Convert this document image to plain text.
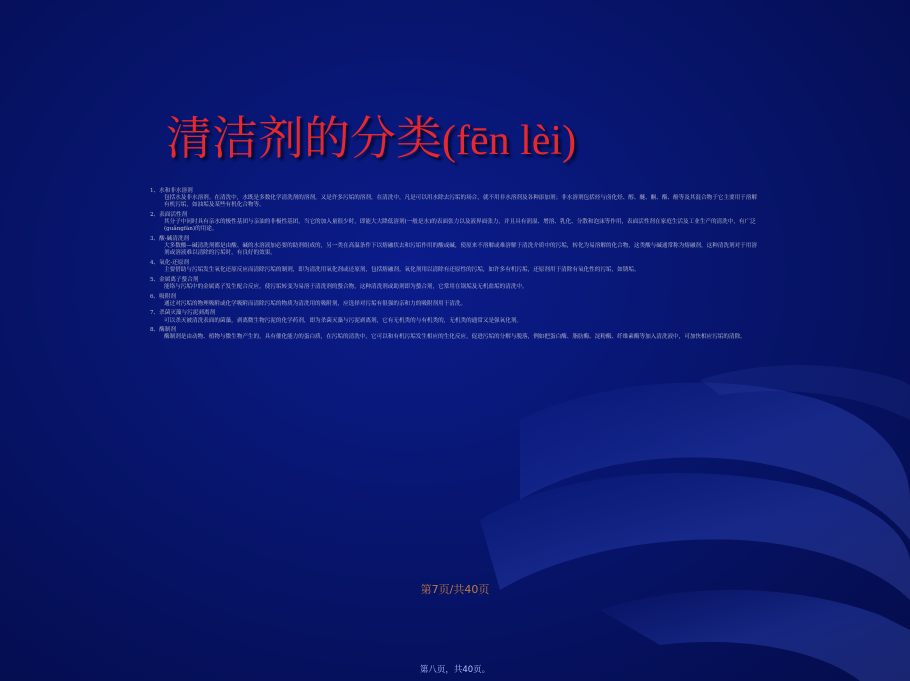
清洁剂的分类(fēn lèi)

1、水和非水溶剂

包括水及非水溶剂。在清洗中，水既是多数化学清洗剂的溶剂，又是许多污垢的溶剂，在清洗中，凡是可以用水除去污垢的场合，就不用非水溶剂及各种添加剂；非水溶剂包括烃与卤化烃、醇、醚、酮、酯、酚等及其混合物于它主要用于溶解有机污垢，如油垢及某些有机化合物等。

2、表面活性剂

其分子中同时具有亲水的极性基团与亲油的非极性基团，当它的加入量很少时，即能大大降低溶剂(一般是水)的表面张力以及液界面张力，并且具有润湿、增溶、乳化、分散和泡沫等作用，表面活性剂在家庭生活及工业生产的清洗中，有广泛(guǎngfàn)的用途。

3、酸-碱清洗剂

大多数酸—碱清洗剂都是由酸、碱的水溶液加必要的助剂组成的，另一类在高温条件下以熔融状去和污垢作用的酸或碱，使原来不溶解或难溶解于清洗介质中的污垢，转化为易溶解的化合物，这类酸与碱通常称为熔融剂，这种清洗剂对于用溶剂或溶液难以清除的污垢时，有良好的效果。

4、氧化-还原剂

主要借助与污垢发生氧化还原反应而清除污垢的制剂，即为清洗用氧化剂或还原剂，包括熔融剂。氧化剂用以清除有还原性的污垢，如许多有机污垢，还原剂用于清除有氧化性的污垢，如锈垢。

5、金属离子螯合剂

能络与污垢中的金属离子发生配合反应，使污垢转变为易溶于清洗剂的螯合物，这种清洗剂或助剂即为螯合剂，它常用在锅垢及无机盐垢的清洗中。

6、吸附剂

通过对污垢的物理吸附或化学吸附而清除污垢的物质为清洗用的吸附剂，应选择对污垢有很强的亲和力的吸附剂用于清洗。

7、杀菌灭藻与污泥剥离剂

可以杀灭被清洗表面的菌藻，剥离微生物污泥的化学药剂，即为杀菌灭藻与污泥剥离剂，它有无机类的与有机类的，无机类的通常又是强氧化剂。

8、酶制剂

酶制剂是由动物、植物与微生物产生的，具有催化能力的蛋白质，在污垢的清洗中，它可以和有机污垢发生相应的生化反应，促进污垢的分解与脱落，例如把蛋白酶、脂肪酶、淀粉酶、纤维素酶等加入清洗液中，可加快相应污垢的清除。

第7页/共40页
第八页，共40页。
